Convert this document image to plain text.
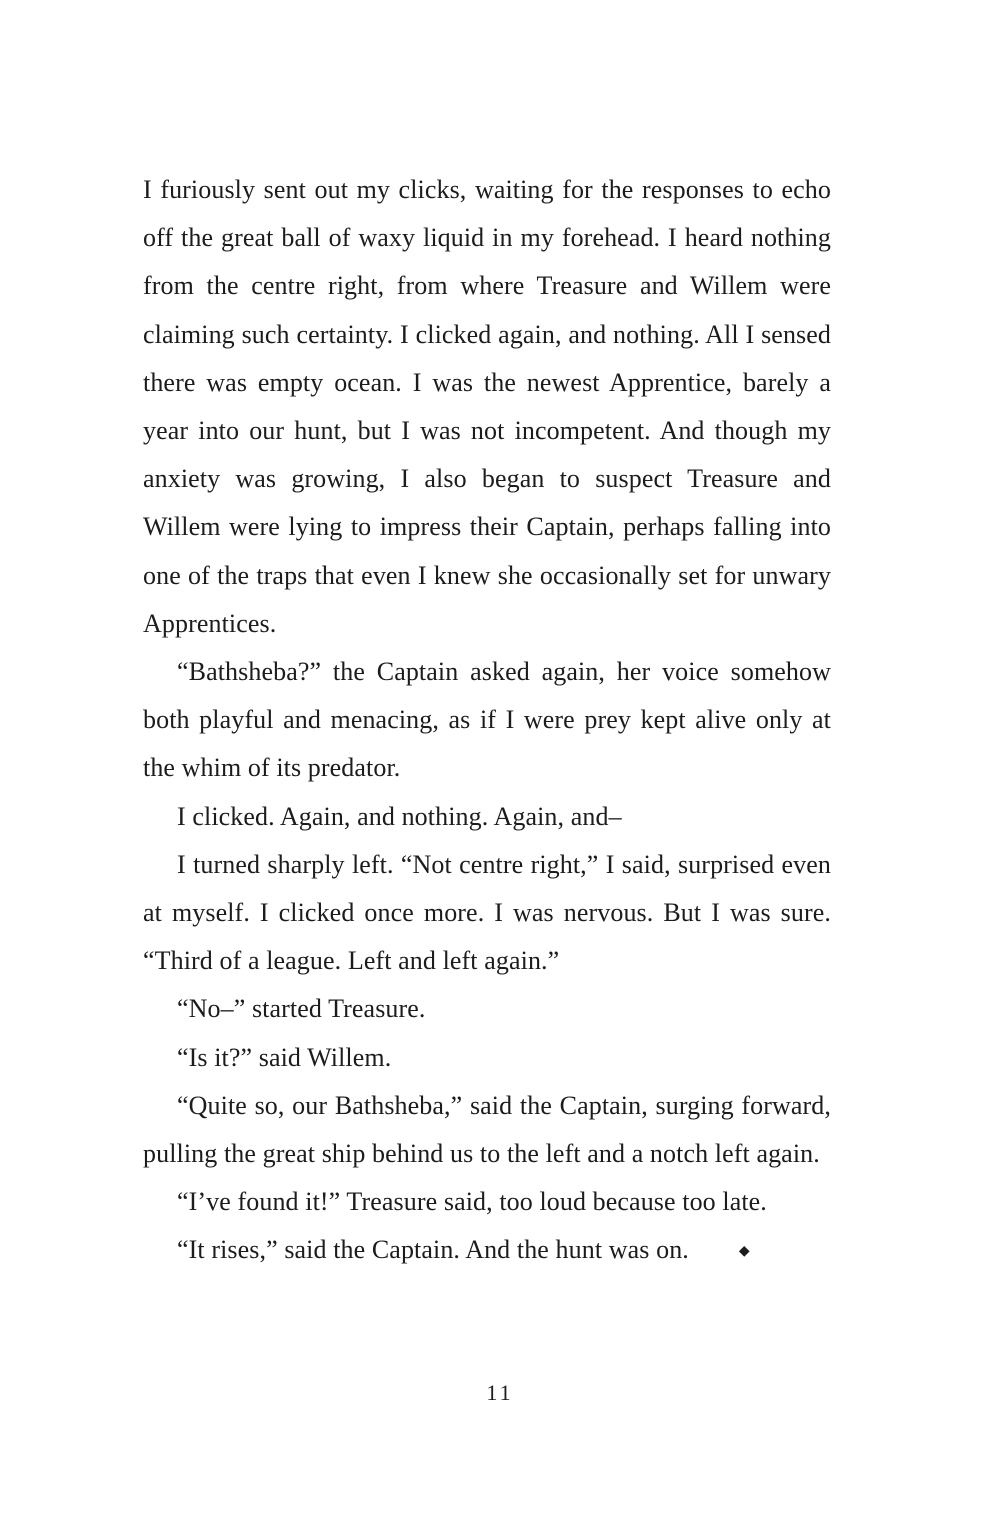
I furiously sent out my clicks, waiting for the responses to echo off the great ball of waxy liquid in my forehead. I heard nothing from the centre right, from where Treasure and Willem were claiming such certainty. I clicked again, and nothing. All I sensed there was empty ocean. I was the newest Apprentice, barely a year into our hunt, but I was not incompetent. And though my anxiety was growing, I also began to suspect Treasure and Willem were lying to impress their Captain, perhaps falling into one of the traps that even I knew she occasionally set for unwary Apprentices.

“Bathsheba?” the Captain asked again, her voice somehow both playful and menacing, as if I were prey kept alive only at the whim of its predator.

I clicked. Again, and nothing. Again, and–

I turned sharply left. “Not centre right,” I said, surprised even at myself. I clicked once more. I was nervous. But I was sure. “Third of a league. Left and left again.”

“No–” started Treasure.

“Is it?” said Willem.

“Quite so, our Bathsheba,” said the Captain, surging forward, pulling the great ship behind us to the left and a notch left again.

“I’ve found it!” Treasure said, too loud because too late.

“It rises,” said the Captain. And the hunt was on.	◆

11
